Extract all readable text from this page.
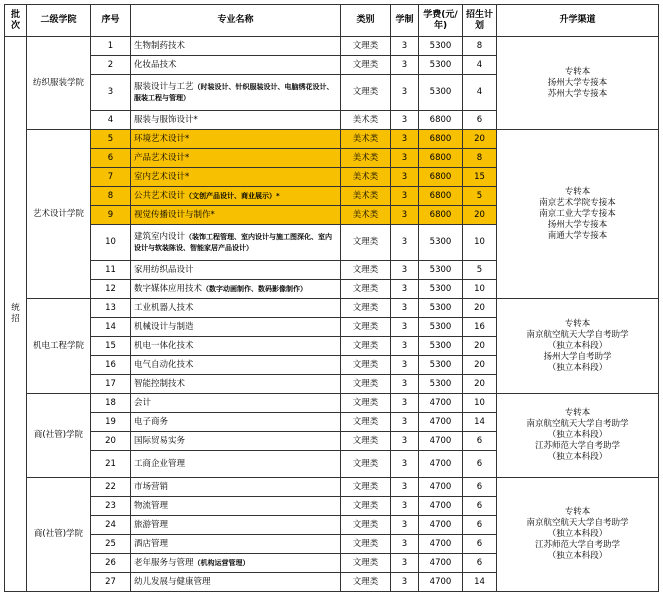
批次	二级学院	序号	专业名称	类别	学制	学费(元/年)	招生计划	升学渠道
统招	纺织服装学院	1	生物制药技术	文理类	3	5300	8	专转本
扬州大学专接本
苏州大学专接本

		2	化妆品技术	文理类	3	5300	4	
		3	服装设计与工艺（时装设计、针织服装设计、电脑绣花设计、服装工程与管理）	文理类	3	5300	4	
		4	服装与服饰设计*	美术类	3	6800	6	
	艺术设计学院	5	环境艺术设计*	美术类	3	6800	20	专转本
南京艺术学院专接本
南京工业大学专接本
扬州大学专接本
南通大学专接本

		6	产品艺术设计*	美术类	3	6800	8	
		7	室内艺术设计*	美术类	3	6800	15	
		8	公共艺术设计（文创产品设计、商业展示）*	美术类	3	6800	5	
		9	视觉传播设计与制作*	美术类	3	6800	20	
		10	建筑室内设计（装饰工程管理、室内设计与施工图深化、室内设计与软装陈设、智能家居产品设计）	文理类	3	5300	10	
		11	家用纺织品设计	文理类	3	5300	5	
		12	数字媒体应用技术（数字动画制作、数码影像制作）	文理类	3	5300	10	
	机电工程学院	13	工业机器人技术	文理类	3	5300	20	专转本
南京航空航天大学自考助学
（独立本科段）
扬州大学自考助学
（独立本科段）

		14	机械设计与制造	文理类	3	5300	16	
		15	机电一体化技术	文理类	3	5300	20	
		16	电气自动化技术	文理类	3	5300	20	
		17	智能控制技术	文理类	3	5300	20	
	商(社管)学院	18	会计	文理类	3	4700	10	专转本
南京航空航天大学自考助学
（独立本科段）
江苏师范大学自考助学
（独立本科段）

		19	电子商务	文理类	3	4700	14	
		20	国际贸易实务	文理类	3	4700	6	
		21	工商企业管理	文理类	3	4700	6	
	商(社管)学院	22	市场营销	文理类	3	4700	6	专转本
南京航空航天大学自考助学
（独立本科段）
江苏师范大学自考助学
（独立本科段）

		23	物流管理	文理类	3	4700	6	
		24	旅游管理	文理类	3	4700	6	
		25	酒店管理	文理类	3	4700	6	
		26	老年服务与管理（机构运营管理）	文理类	3	4700	6	
		27	幼儿发展与健康管理	文理类	3	4700	14	
